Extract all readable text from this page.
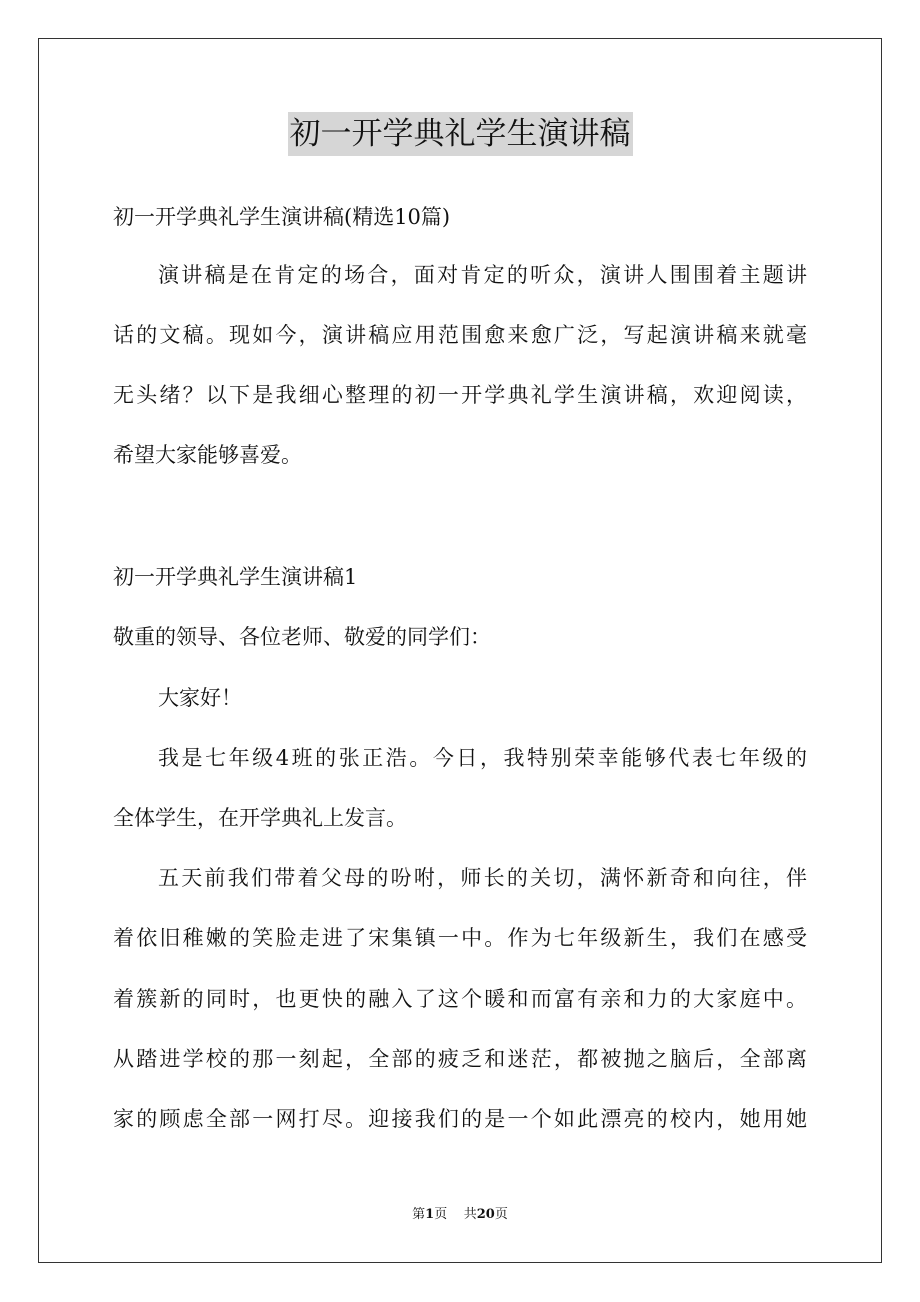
初一开学典礼学生演讲稿
初一开学典礼学生演讲稿(精选10篇)
演讲稿是在肯定的场合，面对肯定的听众，演讲人围围着主题讲
话的文稿。现如今，演讲稿应用范围愈来愈广泛，写起演讲稿来就毫
无头绪？以下是我细心整理的初一开学典礼学生演讲稿，欢迎阅读，
希望大家能够喜爱。
初一开学典礼学生演讲稿1
敬重的领导、各位老师、敬爱的同学们：
大家好！
我是七年级4班的张正浩。今日，我特别荣幸能够代表七年级的
全体学生，在开学典礼上发言。
五天前我们带着父母的吩咐，师长的关切，满怀新奇和向往，伴
着依旧稚嫩的笑脸走进了宋集镇一中。作为七年级新生，我们在感受
着簇新的同时，也更快的融入了这个暖和而富有亲和力的大家庭中。
从踏进学校的那一刻起，全部的疲乏和迷茫，都被抛之脑后，全部离
家的顾虑全部一网打尽。迎接我们的是一个如此漂亮的校内，她用她
第1页 共20页
